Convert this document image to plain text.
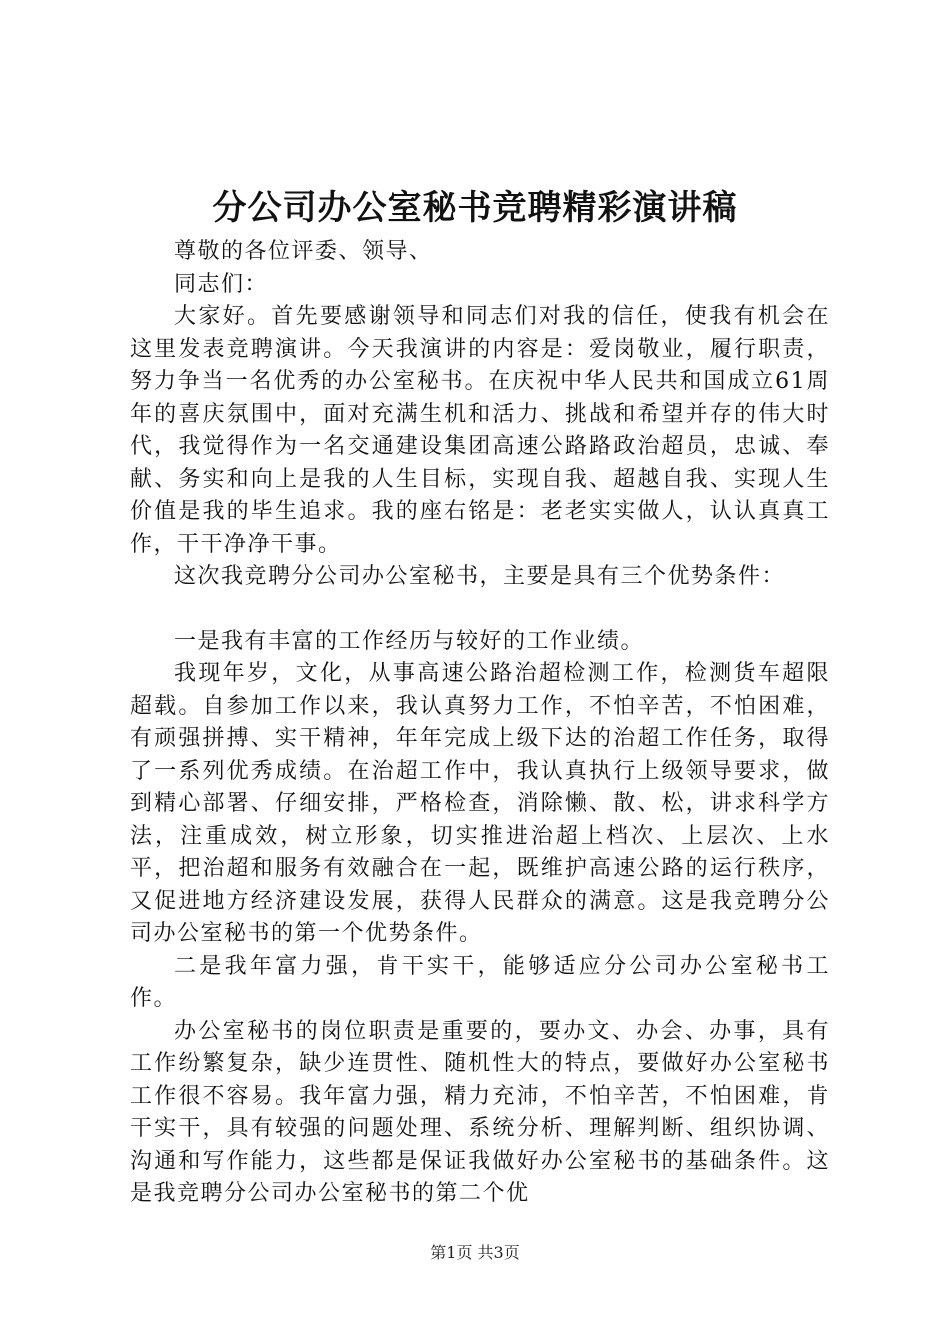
分公司办公室秘书竞聘精彩演讲稿

尊敬的各位评委、领导、

同志们：

大家好。首先要感谢领导和同志们对我的信任，使我有机会在这里发表竞聘演讲。今天我演讲的内容是：爱岗敬业，履行职责，努力争当一名优秀的办公室秘书。在庆祝中华人民共和国成立61周年的喜庆氛围中，面对充满生机和活力、挑战和希望并存的伟大时代，我觉得作为一名交通建设集团高速公路路政治超员，忠诚、奉献、务实和向上是我的人生目标，实现自我、超越自我、实现人生价值是我的毕生追求。我的座右铭是：老老实实做人，认认真真工作，干干净净干事。

这次我竞聘分公司办公室秘书，主要是具有三个优势条件：

一是我有丰富的工作经历与较好的工作业绩。

我现年岁，文化，从事高速公路治超检测工作，检测货车超限超载。自参加工作以来，我认真努力工作，不怕辛苦，不怕困难，有顽强拼搏、实干精神，年年完成上级下达的治超工作任务，取得了一系列优秀成绩。在治超工作中，我认真执行上级领导要求，做到精心部署、仔细安排，严格检查，消除懒、散、松，讲求科学方法，注重成效，树立形象，切实推进治超上档次、上层次、上水平，把治超和服务有效融合在一起，既维护高速公路的运行秩序，又促进地方经济建设发展，获得人民群众的满意。这是我竞聘分公司办公室秘书的第一个优势条件。

二是我年富力强，肯干实干，能够适应分公司办公室秘书工作。

办公室秘书的岗位职责是重要的，要办文、办会、办事，具有工作纷繁复杂，缺少连贯性、随机性大的特点，要做好办公室秘书工作很不容易。我年富力强，精力充沛，不怕辛苦，不怕困难，肯干实干，具有较强的问题处理、系统分析、理解判断、组织协调、沟通和写作能力，这些都是保证我做好办公室秘书的基础条件。这是我竞聘分公司办公室秘书的第二个优

第1页 共3页
